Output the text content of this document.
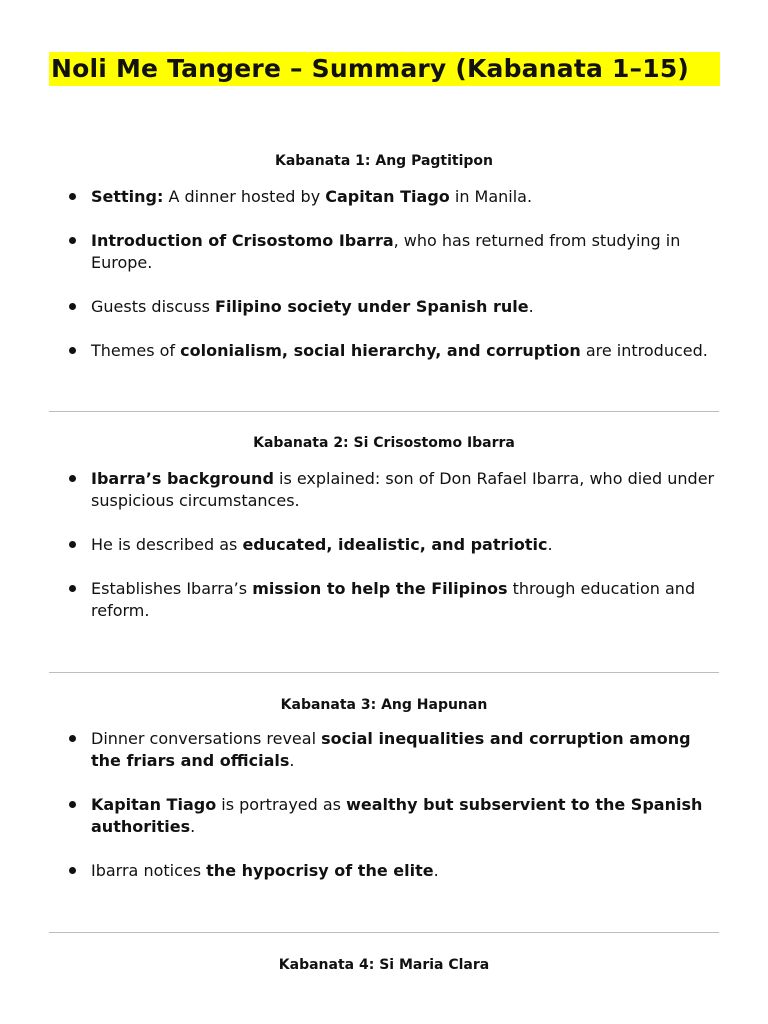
Noli Me Tangere – Summary (Kabanata 1–15)
Kabanata 1: Ang Pagtitipon

Setting: A dinner hosted by Capitan Tiago in Manila.

Introduction of Crisostomo Ibarra, who has returned from studying in Europe.

Guests discuss Filipino society under Spanish rule.

Themes of colonialism, social hierarchy, and corruption are introduced.

Kabanata 2: Si Crisostomo Ibarra

Ibarra’s background is explained: son of Don Rafael Ibarra, who died under suspicious circumstances.

He is described as educated, idealistic, and patriotic.

Establishes Ibarra’s mission to help the Filipinos through education and reform.

Kabanata 3: Ang Hapunan

Dinner conversations reveal social inequalities and corruption among the friars and officials.

Kapitan Tiago is portrayed as wealthy but subservient to the Spanish authorities.

Ibarra notices the hypocrisy of the elite.

Kabanata 4: Si Maria Clara
